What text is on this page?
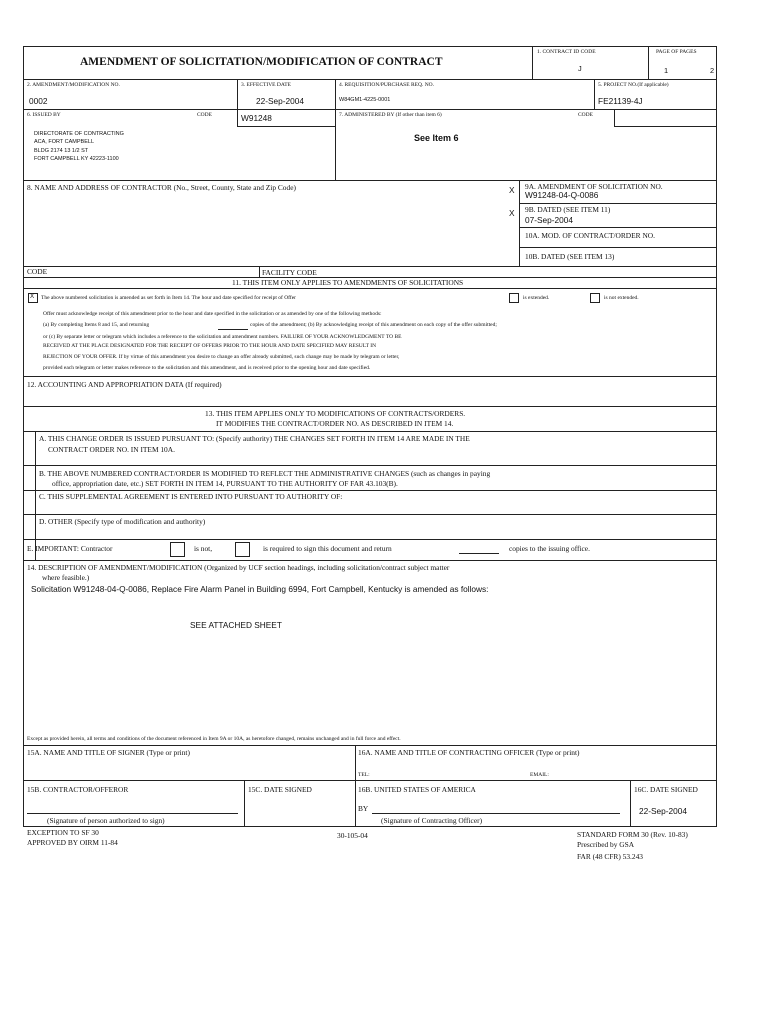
AMENDMENT OF SOLICITATION/MODIFICATION OF CONTRACT
1. CONTRACT ID CODE
J
PAGE OF PAGES
1	2
2. AMENDMENT/MODIFICATION NO.
0002
3. EFFECTIVE DATE
22-Sep-2004
4. REQUISITION/PURCHASE REQ. NO.
W84GM1-4225-0001
5. PROJECT NO.(If applicable)
FE21139-4J
6. ISSUED BY	CODE	W91248	7. ADMINISTERED BY (If other than item 6)	CODE
DIRECTORATE OF CONTRACTING
ACA, FORT CAMPBELL
BLDG 2174 13 1/2 ST
FORT CAMPBELL KY 42223-1100
See Item 6
8. NAME AND ADDRESS OF CONTRACTOR (No., Street, County, State and Zip Code)	X 9A. AMENDMENT OF SOLICITATION NO.
W91248-04-Q-0086
X 9B. DATED (SEE ITEM 11)
07-Sep-2004
10A. MOD. OF CONTRACT/ORDER NO.
10B. DATED (SEE ITEM 13)
CODE	FACILITY CODE
11. THIS ITEM ONLY APPLIES TO AMENDMENTS OF SOLICITATIONS
X The above numbered solicitation is amended as set forth in Item 14. The hour and date specified for receipt of Offer	is extended.	is not extended.
Offer must acknowledge receipt of this amendment prior to the hour and date specified in the solicitation or as amended by one of the following methods:
(a) By completing Items 8 and 15, and returning	copies of the amendment; (b) By acknowledging receipt of this amendment on each copy of the offer submitted;
or (c) By separate letter or telegram which includes a reference to the solicitation and amendment numbers. FAILURE OF YOUR ACKNOWLEDGMENT TO BE
RECEIVED AT THE PLACE DESIGNATED FOR THE RECEIPT OF OFFERS PRIOR TO THE HOUR AND DATE SPECIFIED MAY RESULT IN
REJECTION OF YOUR OFFER. If by virtue of this amendment you desire to change an offer already submitted, such change may be made by telegram or letter,
provided each telegram or letter makes reference to the solicitation and this amendment, and is received prior to the opening hour and date specified.
12. ACCOUNTING AND APPROPRIATION DATA (If required)
13. THIS ITEM APPLIES ONLY TO MODIFICATIONS OF CONTRACTS/ORDERS.
IT MODIFIES THE CONTRACT/ORDER NO. AS DESCRIBED IN ITEM 14.
A. THIS CHANGE ORDER IS ISSUED PURSUANT TO: (Specify authority) THE CHANGES SET FORTH IN ITEM 14 ARE MADE IN THE
CONTRACT ORDER NO. IN ITEM 10A.
B. THE ABOVE NUMBERED CONTRACT/ORDER IS MODIFIED TO REFLECT THE ADMINISTRATIVE CHANGES (such as changes in paying
office, appropriation date, etc.) SET FORTH IN ITEM 14, PURSUANT TO THE AUTHORITY OF FAR 43.103(B).
C. THIS SUPPLEMENTAL AGREEMENT IS ENTERED INTO PURSUANT TO AUTHORITY OF:
D. OTHER (Specify type of modification and authority)
E. IMPORTANT: Contractor	is not,	is required to sign this document and return	copies to the issuing office.
14. DESCRIPTION OF AMENDMENT/MODIFICATION (Organized by UCF section headings, including solicitation/contract subject matter
where feasible.)
Solicitation W91248-04-Q-0086, Replace Fire Alarm Panel in Building 6994, Fort Campbell, Kentucky is amended as follows:
SEE ATTACHED SHEET
Except as provided herein, all terms and conditions of the document referenced in Item 9A or 10A, as heretofore changed, remains unchanged and in full force and effect.
15A. NAME AND TITLE OF SIGNER (Type or print)	16A. NAME AND TITLE OF CONTRACTING OFFICER (Type or print)
TEL:	EMAIL:
15B. CONTRACTOR/OFFEROR	15C. DATE SIGNED	16B. UNITED STATES OF AMERICA	16C. DATE SIGNED
BY	22-Sep-2004
(Signature of person authorized to sign)	(Signature of Contracting Officer)
EXCEPTION TO SF 30
APPROVED BY OIRM 11-84
30-105-04	STANDARD FORM 30 (Rev. 10-83)
Prescribed by GSA
FAR (48 CFR) 53.243
